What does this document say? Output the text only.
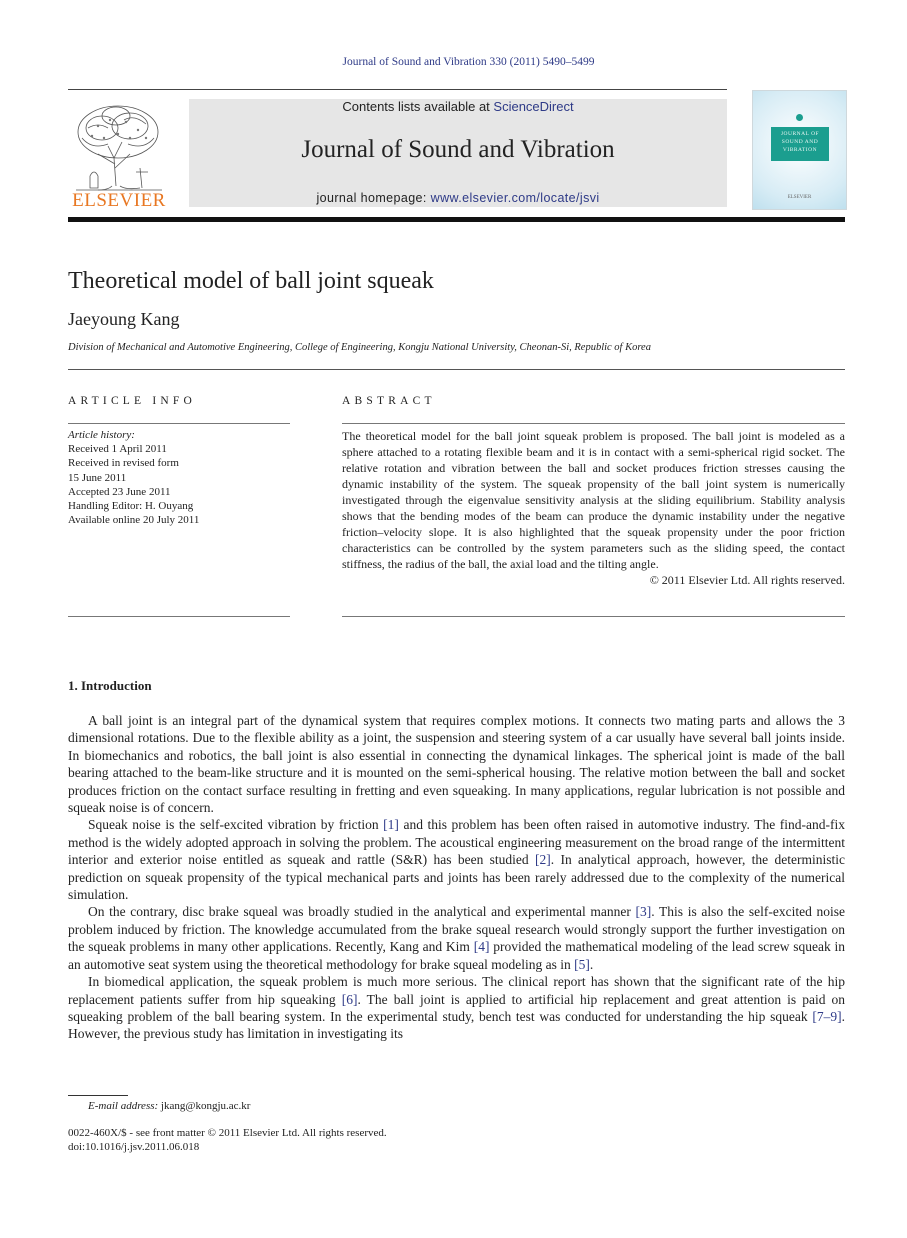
Journal of Sound and Vibration 330 (2011) 5490–5499
ELSEVIER
Contents lists available at ScienceDirect
Journal of Sound and Vibration
journal homepage: www.elsevier.com/locate/jsvi
JOURNAL OF SOUND AND VIBRATION
ELSEVIER
Theoretical model of ball joint squeak
Jaeyoung Kang
Division of Mechanical and Automotive Engineering, College of Engineering, Kongju National University, Cheonan-Si, Republic of Korea
ARTICLE INFO	ABSTRACT
Article history:
Received 1 April 2011
Received in revised form
15 June 2011
Accepted 23 June 2011
Handling Editor: H. Ouyang
Available online 20 July 2011
The theoretical model for the ball joint squeak problem is proposed. The ball joint is modeled as a sphere attached to a rotating flexible beam and it is in contact with a semi-spherical rigid socket. The relative rotation and vibration between the ball and socket produces friction stresses causing the dynamic instability of the system. The squeak propensity of the ball joint system is numerically investigated through the eigenvalue sensitivity analysis at the sliding equilibrium. Stability analysis shows that the bending modes of the beam can produce the dynamic instability under the negative friction–velocity slope. It is also highlighted that the squeak propensity under the poor friction characteristics can be controlled by the system parameters such as the sliding speed, the contact stiffness, the radius of the ball, the axial load and the tilting angle.
© 2011 Elsevier Ltd. All rights reserved.
1. Introduction

A ball joint is an integral part of the dynamical system that requires complex motions. It connects two mating parts and allows the 3 dimensional rotations. Due to the flexible ability as a joint, the suspension and steering system of a car usually have several ball joints inside. In biomechanics and robotics, the ball joint is also essential in connecting the dynamical linkages. The spherical joint is made of the ball bearing attached to the beam-like structure and it is mounted on the semi-spherical housing. The relative motion between the ball and socket produces friction on the contact surface resulting in fretting and even squeaking. In many applications, regular lubrication is not possible and squeak noise is of concern.

Squeak noise is the self-excited vibration by friction [1] and this problem has been often raised in automotive industry. The find-and-fix method is the widely adopted approach in solving the problem. The acoustical engineering measurement on the broad range of the intermittent interior and exterior noise entitled as squeak and rattle (S&R) has been studied [2]. In analytical approach, however, the deterministic prediction on squeak propensity of the typical mechanical parts and joints has been rarely addressed due to the complexity of the numerical simulation.

On the contrary, disc brake squeal was broadly studied in the analytical and experimental manner [3]. This is also the self-excited noise problem induced by friction. The knowledge accumulated from the brake squeal research would strongly support the further investigation on the squeak problems in many other applications. Recently, Kang and Kim [4] provided the mathematical modeling of the lead screw squeak in an automotive seat system using the theoretical methodology for brake squeal modeling as in [5].

In biomedical application, the squeak problem is much more serious. The clinical report has shown that the significant rate of the hip replacement patients suffer from hip squeaking [6]. The ball joint is applied to artificial hip replacement and great attention is paid on squeaking problem of the ball bearing system. In the experimental study, bench test was conducted for understanding the hip squeak [7–9]. However, the previous study has limitation in investigating its

E-mail address: jkang@kongju.ac.kr
0022-460X/$ - see front matter © 2011 Elsevier Ltd. All rights reserved.
doi:10.1016/j.jsv.2011.06.018
